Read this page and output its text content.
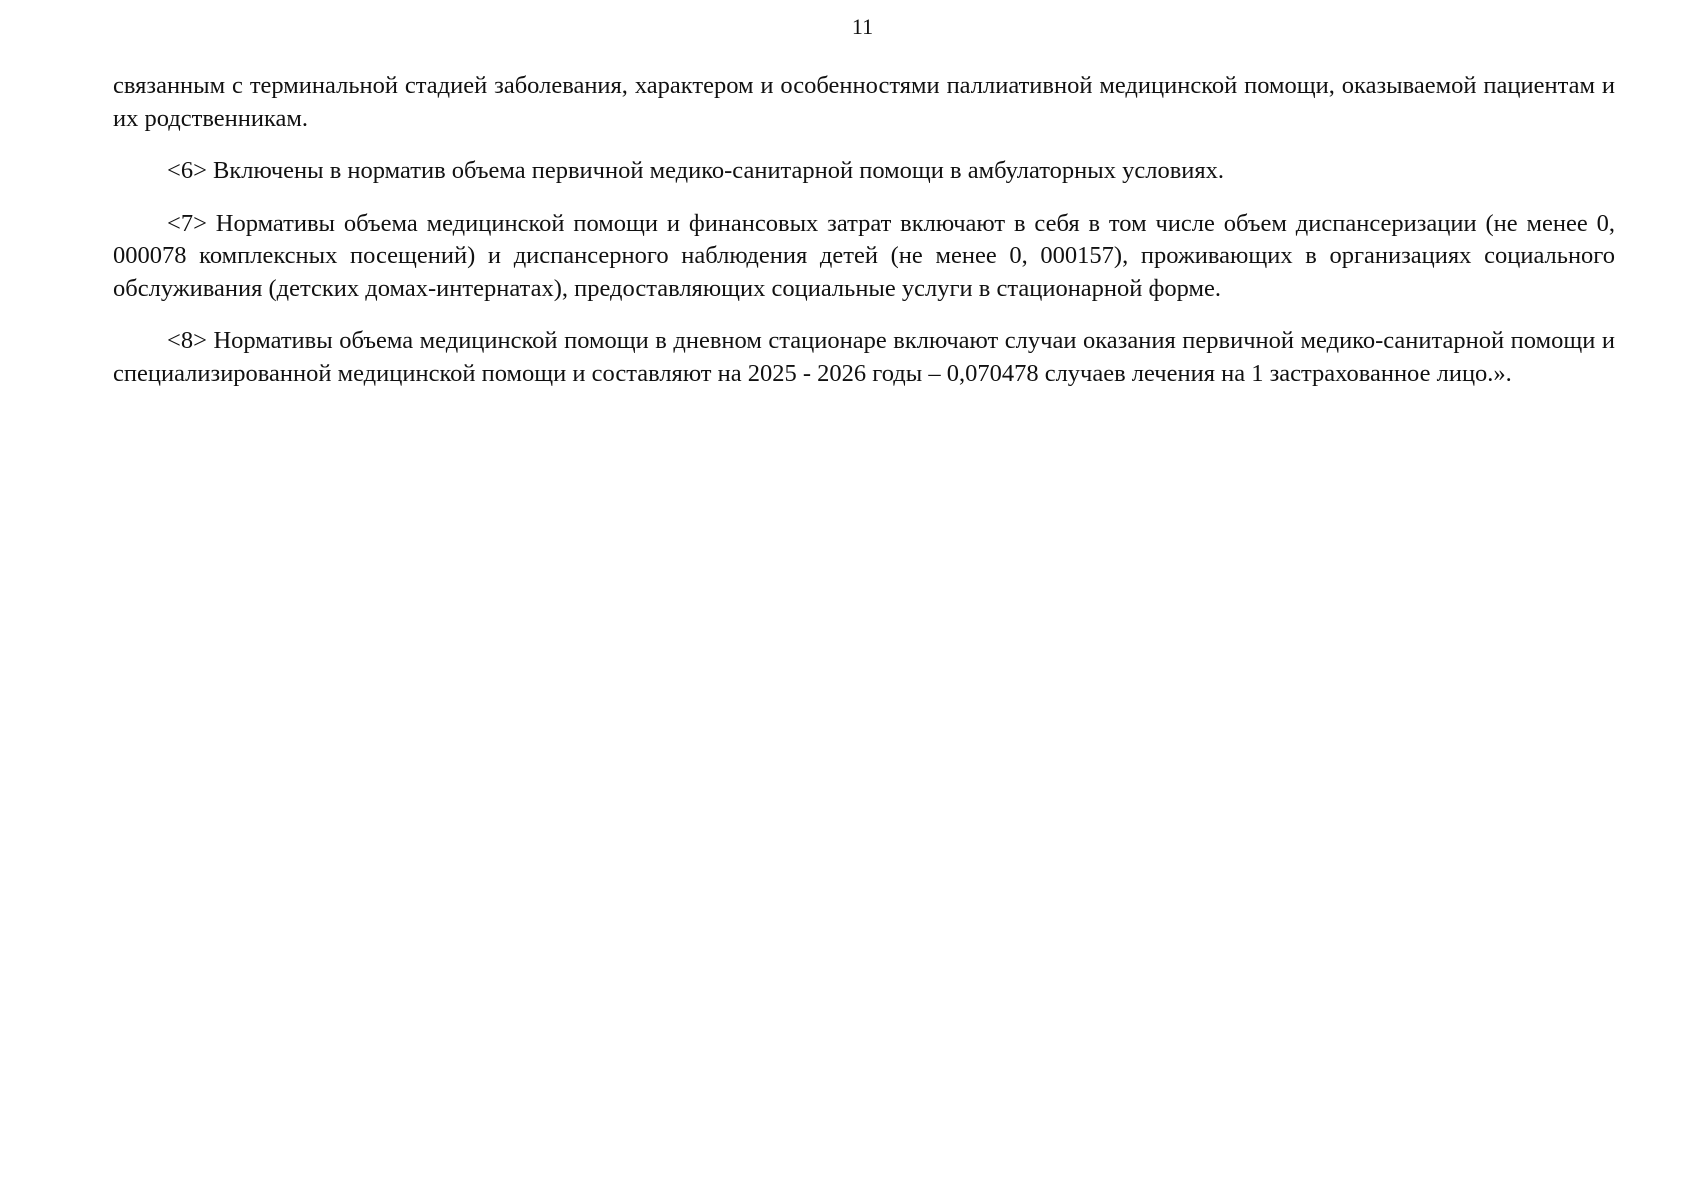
11

связанным с терминальной стадией заболевания, характером и особенностями паллиативной медицинской помощи, оказываемой пациентам и их родственникам.

<6> Включены в норматив объема первичной медико-санитарной помощи в амбулаторных условиях.

<7> Нормативы объема медицинской помощи и финансовых затрат включают в себя в том числе объем диспансеризации (не менее 0, 000078 комплексных посещений) и диспансерного наблюдения детей (не менее 0, 000157), проживающих в организациях социального обслуживания (детских домах-интернатах), предоставляющих социальные услуги в стационарной форме.

<8> Нормативы объема медицинской помощи в дневном стационаре включают случаи оказания первичной медико-санитарной помощи и специализированной медицинской помощи и составляют на 2025 - 2026 годы – 0,070478 случаев лечения на 1 застрахованное лицо.».
